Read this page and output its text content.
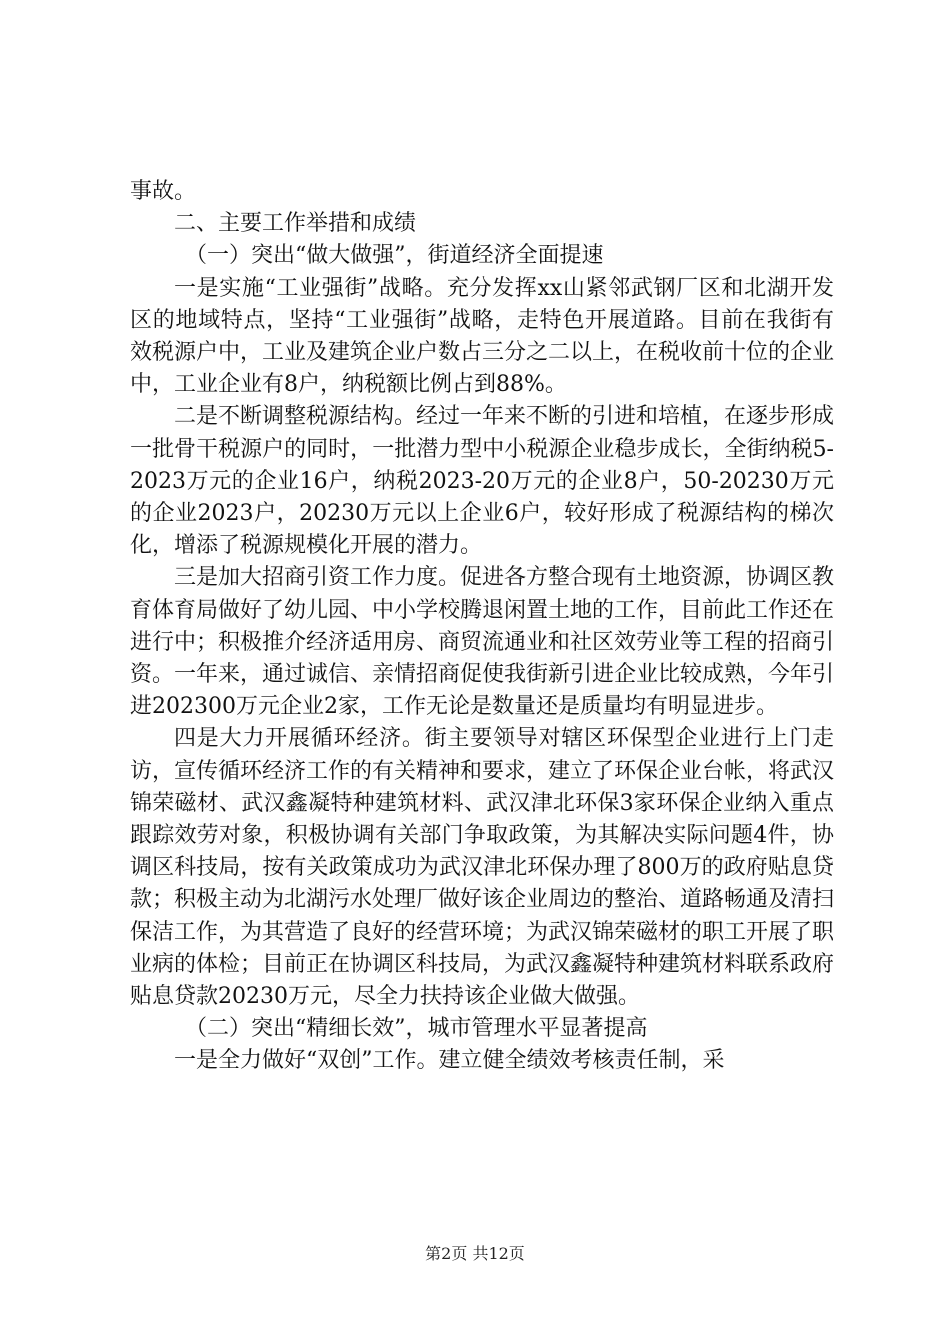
事故。

二、主要工作举措和成绩

（一）突出“做大做强”，街道经济全面提速

一是实施“工业强街”战略。充分发挥xx山紧邻武钢厂区和北湖开发区的地域特点，坚持“工业强街”战略，走特色开展道路。目前在我街有效税源户中，工业及建筑企业户数占三分之二以上，在税收前十位的企业中，工业企业有8户，纳税额比例占到88%。

二是不断调整税源结构。经过一年来不断的引进和培植，在逐步形成一批骨干税源户的同时，一批潜力型中小税源企业稳步成长，全街纳税5-2023万元的企业16户，纳税2023-20万元的企业8户，50-20230万元的企业2023户，20230万元以上企业6户，较好形成了税源结构的梯次化，增添了税源规模化开展的潜力。

三是加大招商引资工作力度。促进各方整合现有土地资源，协调区教育体育局做好了幼儿园、中小学校腾退闲置土地的工作，目前此工作还在进行中；积极推介经济适用房、商贸流通业和社区效劳业等工程的招商引资。一年来，通过诚信、亲情招商促使我街新引进企业比较成熟，今年引进202300万元企业2家，工作无论是数量还是质量均有明显进步。

四是大力开展循环经济。街主要领导对辖区环保型企业进行上门走访，宣传循环经济工作的有关精神和要求，建立了环保企业台帐，将武汉锦荣磁材、武汉鑫凝特种建筑材料、武汉津北环保3家环保企业纳入重点跟踪效劳对象，积极协调有关部门争取政策，为其解决实际问题4件，协调区科技局，按有关政策成功为武汉津北环保办理了800万的政府贴息贷款；积极主动为北湖污水处理厂做好该企业周边的整治、道路畅通及清扫保洁工作，为其营造了良好的经营环境；为武汉锦荣磁材的职工开展了职业病的体检；目前正在协调区科技局，为武汉鑫凝特种建筑材料联系政府贴息贷款20230万元，尽全力扶持该企业做大做强。

（二）突出“精细长效”，城市管理水平显著提高

一是全力做好“双创”工作。建立健全绩效考核责任制，采

第2页 共12页
